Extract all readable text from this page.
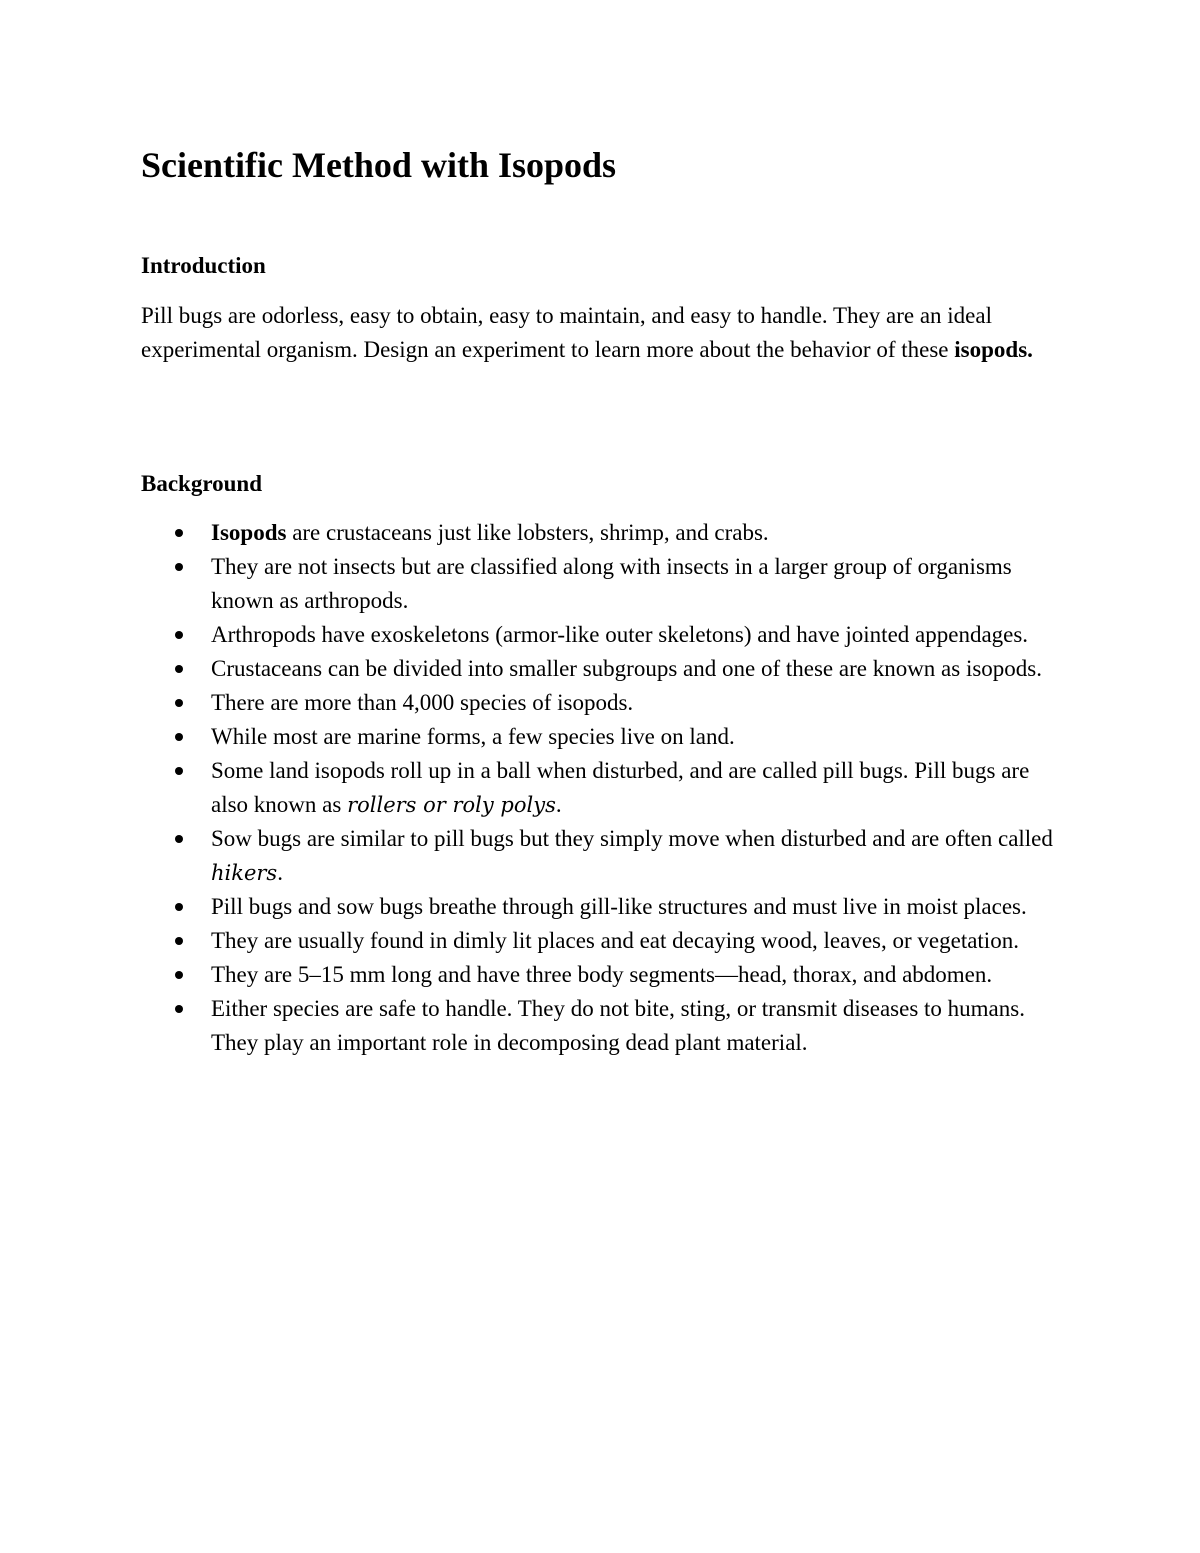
Scientific Method with Isopods
Introduction

Pill bugs are odorless, easy to obtain, easy to maintain, and easy to handle. They are an ideal experimental organism. Design an experiment to learn more about the behavior of these isopods.

Background
Isopods are crustaceans just like lobsters, shrimp, and crabs.
They are not insects but are classified along with insects in a larger group of organisms known as arthropods.
Arthropods have exoskeletons (armor-like outer skeletons) and have jointed appendages.
Crustaceans can be divided into smaller subgroups and one of these are known as isopods.
There are more than 4,000 species of isopods.
While most are marine forms, a few species live on land.
Some land isopods roll up in a ball when disturbed, and are called pill bugs. Pill bugs are also known as rollers or roly polys.
Sow bugs are similar to pill bugs but they simply move when disturbed and are often called hikers.
Pill bugs and sow bugs breathe through gill-like structures and must live in moist places.
They are usually found in dimly lit places and eat decaying wood, leaves, or vegetation.
They are 5–15 mm long and have three body segments—head, thorax, and abdomen.
Either species are safe to handle. They do not bite, sting, or transmit diseases to humans. They play an important role in decomposing dead plant material.
